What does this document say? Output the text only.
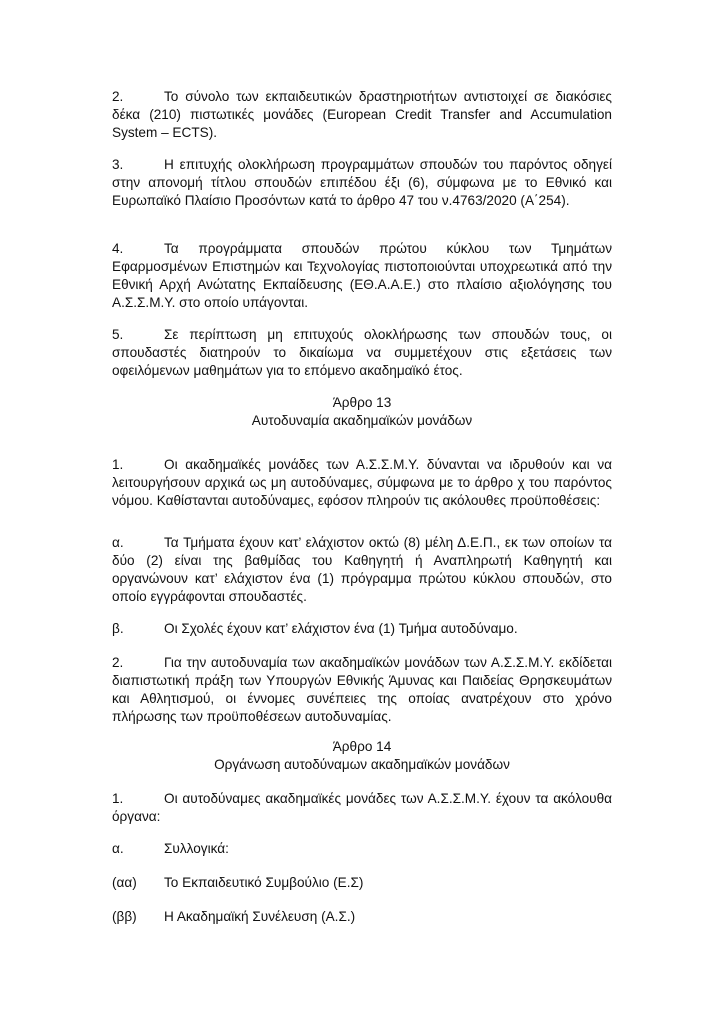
2.	Το σύνολο των εκπαιδευτικών δραστηριοτήτων αντιστοιχεί σε διακόσιες δέκα (210) πιστωτικές μονάδες (European Credit Transfer and Accumulation System – ECTS).

3.	Η επιτυχής ολοκλήρωση προγραμμάτων σπουδών του παρόντος οδηγεί στην απονομή τίτλου σπουδών επιπέδου έξι (6), σύμφωνα με το Εθνικό και Ευρωπαϊκό Πλαίσιο Προσόντων κατά το άρθρο 47 του ν.4763/2020 (Α΄254).

4.	Τα προγράμματα σπουδών πρώτου κύκλου των Τμημάτων Εφαρμοσμένων Επιστημών και Τεχνολογίας πιστοποιούνται υποχρεωτικά από την Εθνική Αρχή Ανώτατης Εκπαίδευσης (ΕΘ.Α.Α.Ε.) στο πλαίσιο αξιολόγησης του Α.Σ.Σ.Μ.Υ. στο οποίο υπάγονται.

5.	Σε περίπτωση μη επιτυχούς ολοκλήρωσης των σπουδών τους, οι σπουδαστές διατηρούν το δικαίωμα να συμμετέχουν στις εξετάσεις των οφειλόμενων μαθημάτων για το επόμενο ακαδημαϊκό έτος.

Άρθρο 13

Αυτοδυναμία ακαδημαϊκών μονάδων

1.	Οι ακαδημαϊκές μονάδες των Α.Σ.Σ.Μ.Υ. δύνανται να ιδρυθούν και να λειτουργήσουν αρχικά ως μη αυτοδύναμες, σύμφωνα με το άρθρο χ του παρόντος νόμου. Καθίστανται αυτοδύναμες, εφόσον πληρούν τις ακόλουθες προϋποθέσεις:

α.	Τα Τμήματα έχουν κατ’ ελάχιστον οκτώ (8) μέλη Δ.Ε.Π., εκ των οποίων τα δύο (2) είναι της βαθμίδας του Καθηγητή ή Αναπληρωτή Καθηγητή και οργανώνουν κατ’ ελάχιστον ένα (1) πρόγραμμα πρώτου κύκλου σπουδών, στο οποίο εγγράφονται σπουδαστές.

β.	Οι Σχολές έχουν κατ’ ελάχιστον ένα (1) Τμήμα αυτοδύναμο.

2.	Για την αυτοδυναμία των ακαδημαϊκών μονάδων των Α.Σ.Σ.Μ.Υ. εκδίδεται διαπιστωτική πράξη των Υπουργών Εθνικής Άμυνας και Παιδείας Θρησκευμάτων και Αθλητισμού, οι έννομες συνέπειες της οποίας ανατρέχουν στο χρόνο πλήρωσης των προϋποθέσεων αυτοδυναμίας.

Άρθρο 14

Οργάνωση αυτοδύναμων ακαδημαϊκών μονάδων

1.	Οι αυτοδύναμες ακαδημαϊκές μονάδες των Α.Σ.Σ.Μ.Υ. έχουν τα ακόλουθα όργανα:

α.	Συλλογικά:

(αα) Το Εκπαιδευτικό Συμβούλιο (Ε.Σ)

(ββ) Η Ακαδημαϊκή Συνέλευση (Α.Σ.)
